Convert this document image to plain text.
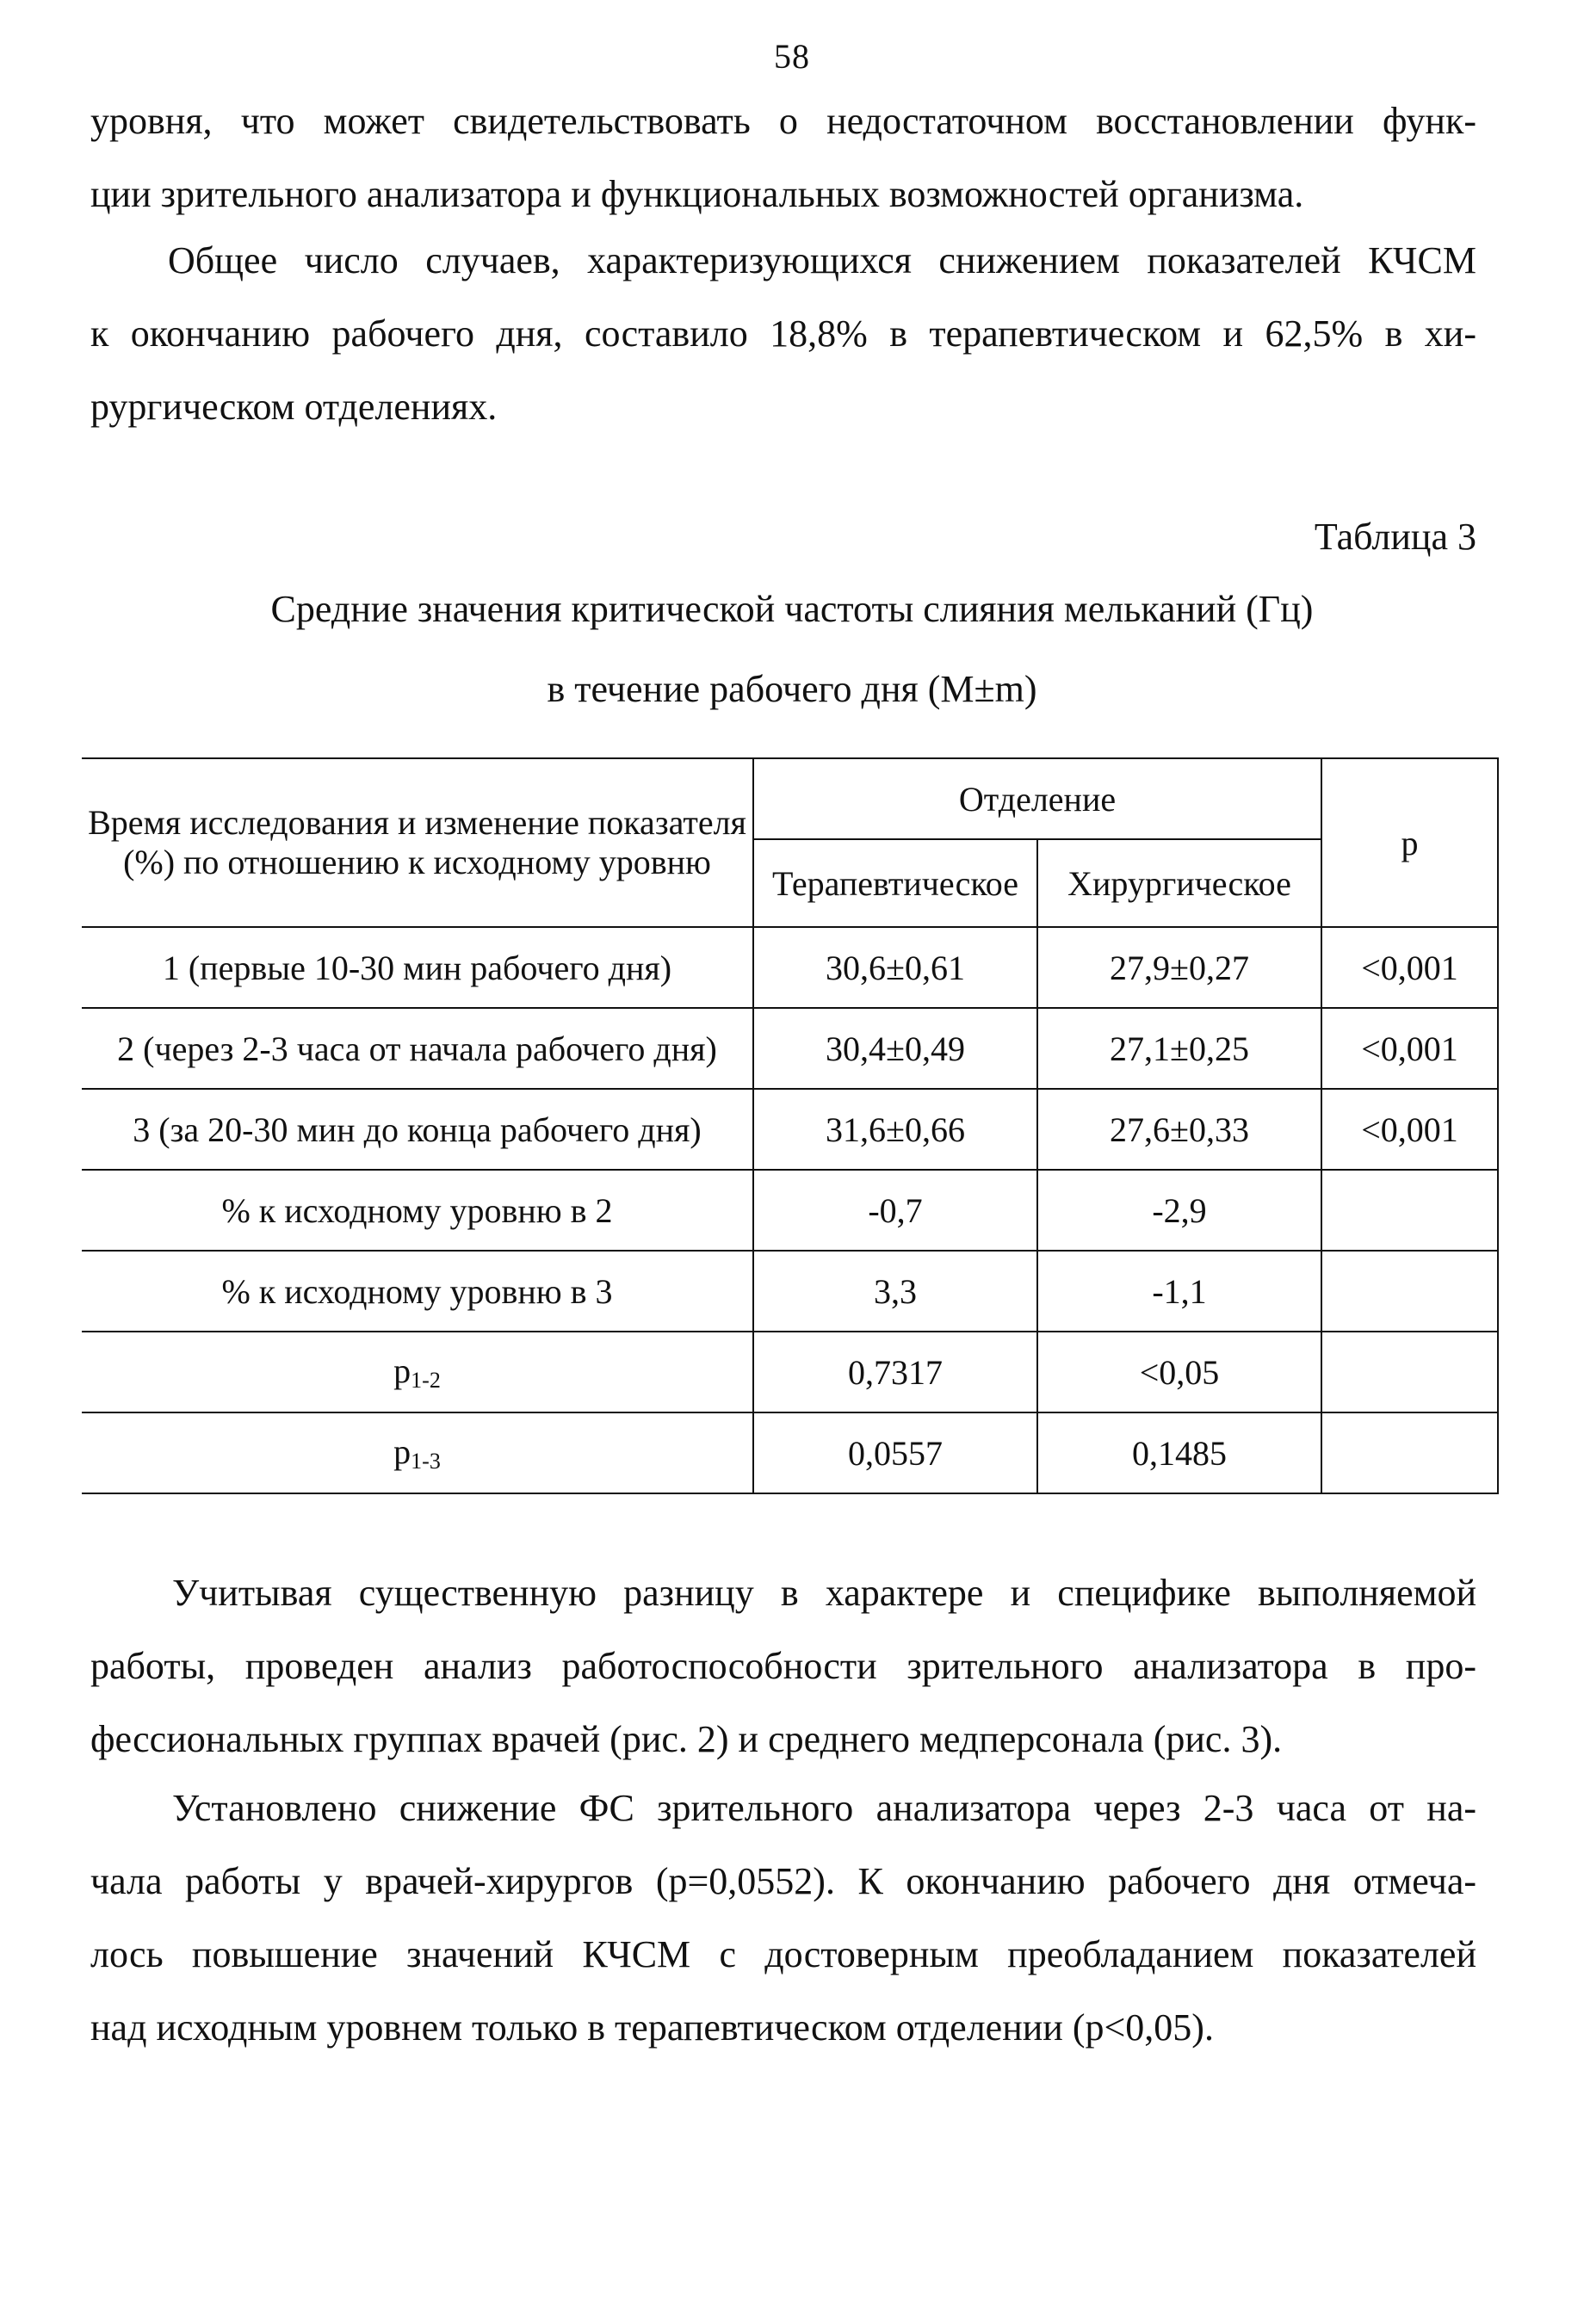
58
уровня, что может свидетельствовать о недостаточном восстановлении функ-
ции зрительного анализатора и функциональных возможностей организма.
Общее число случаев, характеризующихся снижением показателей КЧСМ
к окончанию рабочего дня, составило 18,8% в терапевтическом и 62,5% в хи-
рургическом отделениях.
Таблица 3
Средние значения критической частоты слияния мельканий (Гц)
в течение рабочего дня (M±m)
Время исследования и изменение показателя (%) по отношению к исходному уровню	Отделение		р
	Терапевтическое	Хирургическое	
1 (первые 10-30 мин рабочего дня)	30,6±0,61	27,9±0,27	<0,001
2 (через 2-3 часа от начала рабочего дня)	30,4±0,49	27,1±0,25	<0,001
3 (за 20-30 мин до конца рабочего дня)	31,6±0,66	27,6±0,33	<0,001
% к исходному уровню в 2	-0,7	-2,9	
% к исходному уровню в 3	3,3	-1,1	
$p_{1-2}$	0,7317	<0,05	
$p_{1-3}$	0,0557	0,1485	
Учитывая существенную разницу в характере и специфике выполняемой
работы, проведен анализ работоспособности зрительного анализатора в про-
фессиональных группах врачей (рис. 2) и среднего медперсонала (рис. 3).
Установлено снижение ФС зрительного анализатора через 2-3 часа от на-
чала работы у врачей-хирургов (р=0,0552). К окончанию рабочего дня отмеча-
лось повышение значений КЧСМ с достоверным преобладанием показателей
над исходным уровнем только в терапевтическом отделении (р<0,05).
